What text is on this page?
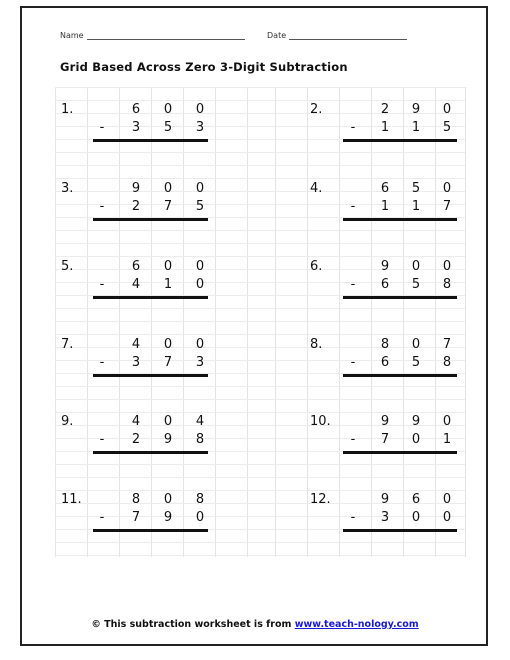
Name	Date
Grid Based Across Zero 3-Digit Subtraction
1.	6 0 0
-	3 5 3
2.	2 9 0
-	1 1 5
3.	9 0 0
-	2 7 5
4.	6 5 0
-	1 1 7
5.	6 0 0
-	4 1 0
6.	9 0 0
-	6 5 8
7.	4 0 0
-	3 7 3
8.	8 0 7
-	6 5 8
9.	4 0 4
-	2 9 8
10.	9 9 0
-	7 0 1
11.	8 0 8
-	7 9 0
12.	9 6 0
-	3 0 0
© This subtraction worksheet is from www.teach-nology.com
